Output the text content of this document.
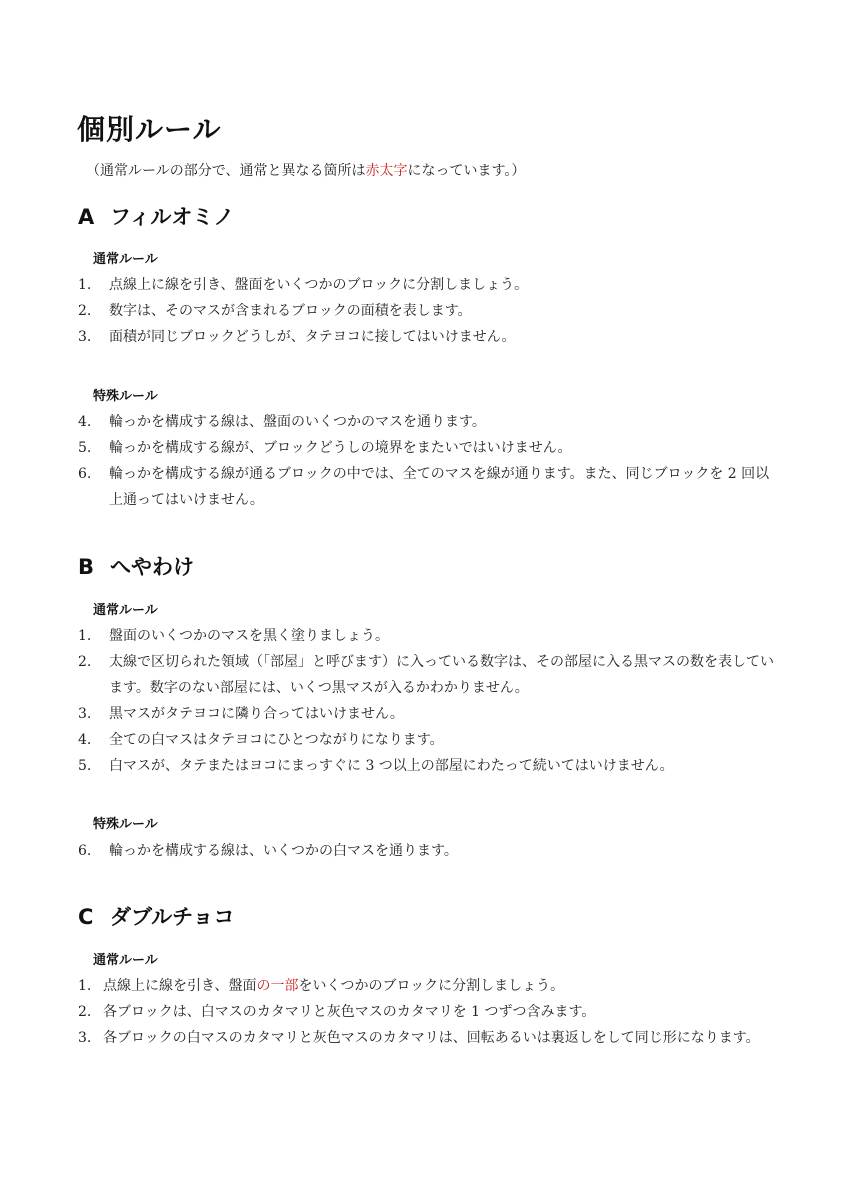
個別ルール
（通常ルールの部分で、通常と異なる箇所は赤太字になっています。）
A フィルオミノ
通常ルール
1. 点線上に線を引き、盤面をいくつかのブロックに分割しましょう。
2. 数字は、そのマスが含まれるブロックの面積を表します。
3. 面積が同じブロックどうしが、タテヨコに接してはいけません。
特殊ルール
4. 輪っかを構成する線は、盤面のいくつかのマスを通ります。
5. 輪っかを構成する線が、ブロックどうしの境界をまたいではいけません。
6. 輪っかを構成する線が通るブロックの中では、全てのマスを線が通ります。また、同じブロックを 2 回以上通ってはいけません。
B へやわけ
通常ルール
1. 盤面のいくつかのマスを黒く塗りましょう。
2. 太線で区切られた領域（「部屋」と呼びます）に入っている数字は、その部屋に入る黒マスの数を表しています。数字のない部屋には、いくつ黒マスが入るかわかりません。
3. 黒マスがタテヨコに隣り合ってはいけません。
4. 全ての白マスはタテヨコにひとつながりになります。
5. 白マスが、タテまたはヨコにまっすぐに 3 つ以上の部屋にわたって続いてはいけません。
特殊ルール
6. 輪っかを構成する線は、いくつかの白マスを通ります。
C ダブルチョコ
通常ルール
1. 点線上に線を引き、盤面の一部をいくつかのブロックに分割しましょう。
2. 各ブロックは、白マスのカタマリと灰色マスのカタマリを 1 つずつ含みます。
3. 各ブロックの白マスのカタマリと灰色マスのカタマリは、回転あるいは裏返しをして同じ形になります。
